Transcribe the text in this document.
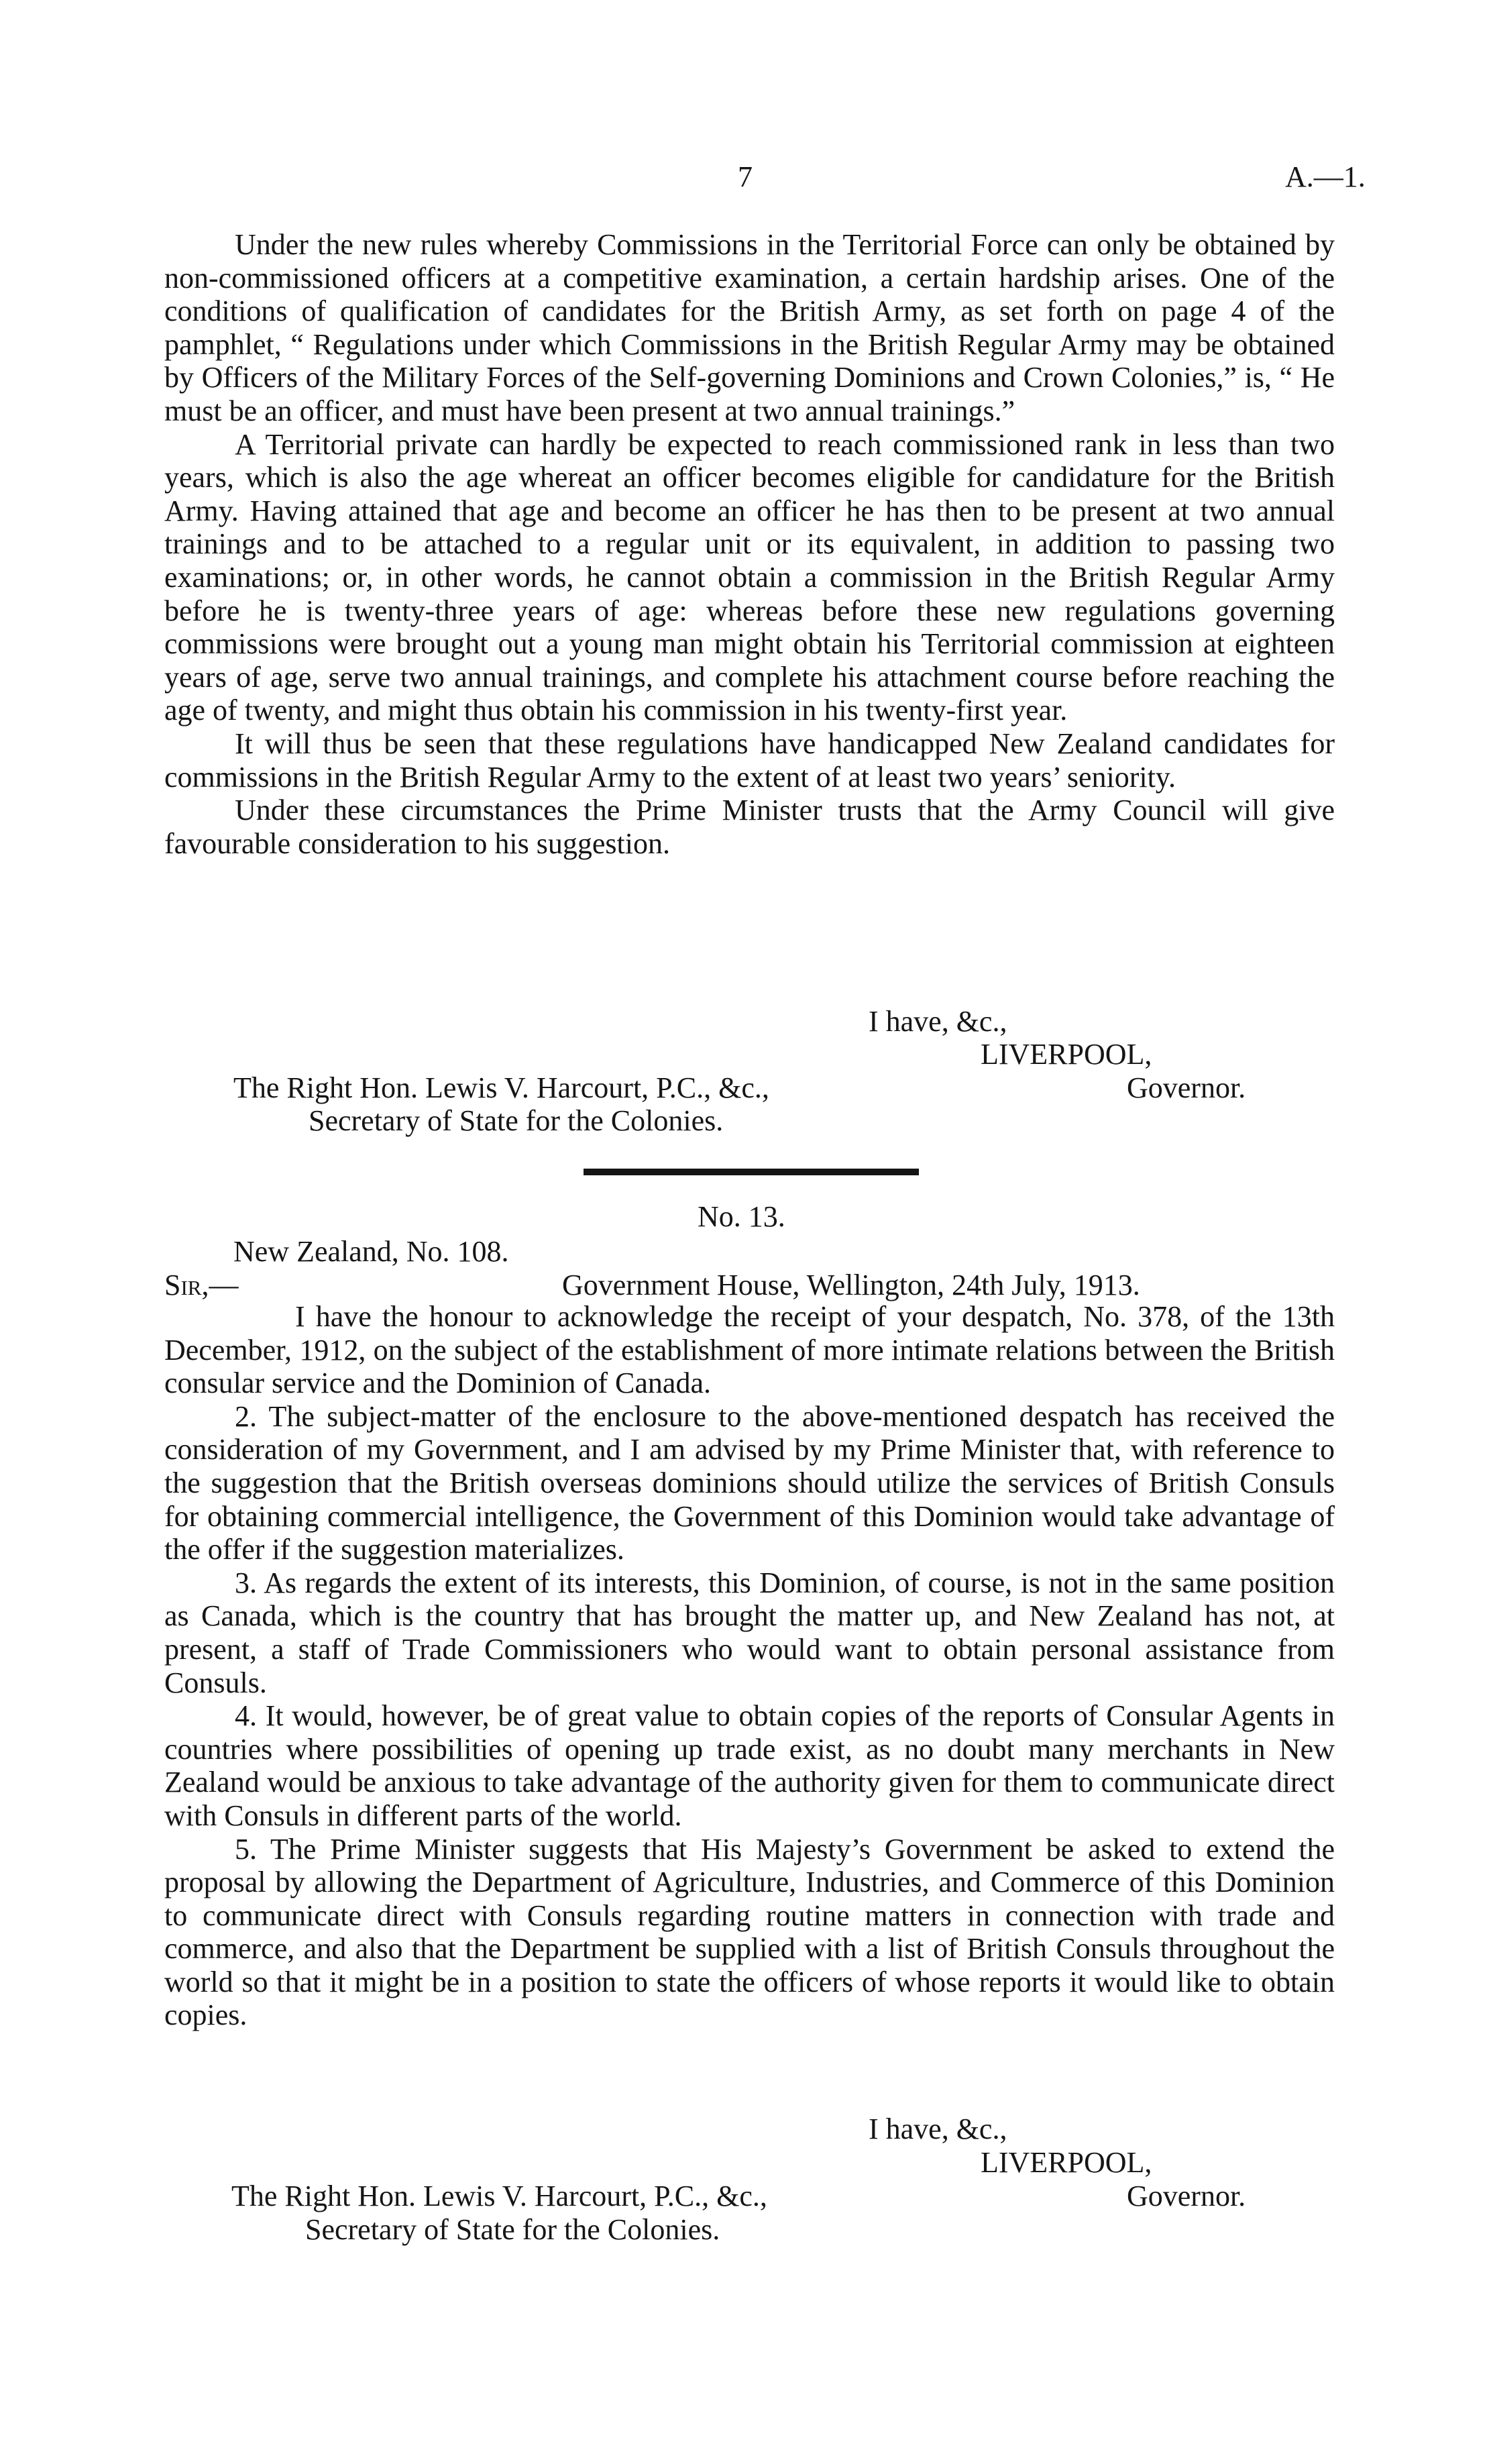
7	A.—1.

Under the new rules whereby Commissions in the Territorial Force can only be obtained by non-commissioned officers at a competitive examination, a certain hardship arises. One of the conditions of qualification of candidates for the British Army, as set forth on page 4 of the pamphlet, “ Regulations under which Commissions in the British Regular Army may be obtained by Officers of the Military Forces of the Self-governing Dominions and Crown Colonies,” is, “ He must be an officer, and must have been present at two annual trainings.”

A Territorial private can hardly be expected to reach commissioned rank in less than two years, which is also the age whereat an officer becomes eligible for candidature for the British Army. Having attained that age and become an officer he has then to be present at two annual trainings and to be attached to a regular unit or its equivalent, in addition to passing two examinations; or, in other words, he cannot obtain a commission in the British Regular Army before he is twenty-three years of age: whereas before these new regulations governing commissions were brought out a young man might obtain his Territorial commission at eighteen years of age, serve two annual trainings, and complete his attachment course before reaching the age of twenty, and might thus obtain his commission in his twenty-first year.

It will thus be seen that these regulations have handicapped New Zealand candidates for commissions in the British Regular Army to the extent of at least two years’ seniority.

Under these circumstances the Prime Minister trusts that the Army Council will give favourable consideration to his suggestion.

I have, &c.,
LIVERPOOL,
The Right Hon. Lewis V. Harcourt, P.C., &c.,	Governor.
Secretary of State for the Colonies.
No. 13.
New Zealand, No. 108.
Sir,—	Government House, Wellington, 24th July, 1913.

I have the honour to acknowledge the receipt of your despatch, No. 378, of the 13th December, 1912, on the subject of the establishment of more intimate relations between the British consular service and the Dominion of Canada.

2. The subject-matter of the enclosure to the above-mentioned despatch has received the consideration of my Government, and I am advised by my Prime Minister that, with reference to the suggestion that the British overseas dominions should utilize the services of British Consuls for obtaining commercial intelligence, the Government of this Dominion would take advantage of the offer if the suggestion materializes.

3. As regards the extent of its interests, this Dominion, of course, is not in the same position as Canada, which is the country that has brought the matter up, and New Zealand has not, at present, a staff of Trade Commissioners who would want to obtain personal assistance from Consuls.

4. It would, however, be of great value to obtain copies of the reports of Consular Agents in countries where possibilities of opening up trade exist, as no doubt many merchants in New Zealand would be anxious to take advantage of the authority given for them to communicate direct with Consuls in different parts of the world.

5. The Prime Minister suggests that His Majesty’s Government be asked to extend the proposal by allowing the Department of Agriculture, Industries, and Commerce of this Dominion to communicate direct with Consuls regarding routine matters in connection with trade and commerce, and also that the Department be supplied with a list of British Consuls throughout the world so that it might be in a position to state the officers of whose reports it would like to obtain copies.

I have, &c.,
LIVERPOOL,
The Right Hon. Lewis V. Harcourt, P.C., &c.,	Governor.
Secretary of State for the Colonies.
